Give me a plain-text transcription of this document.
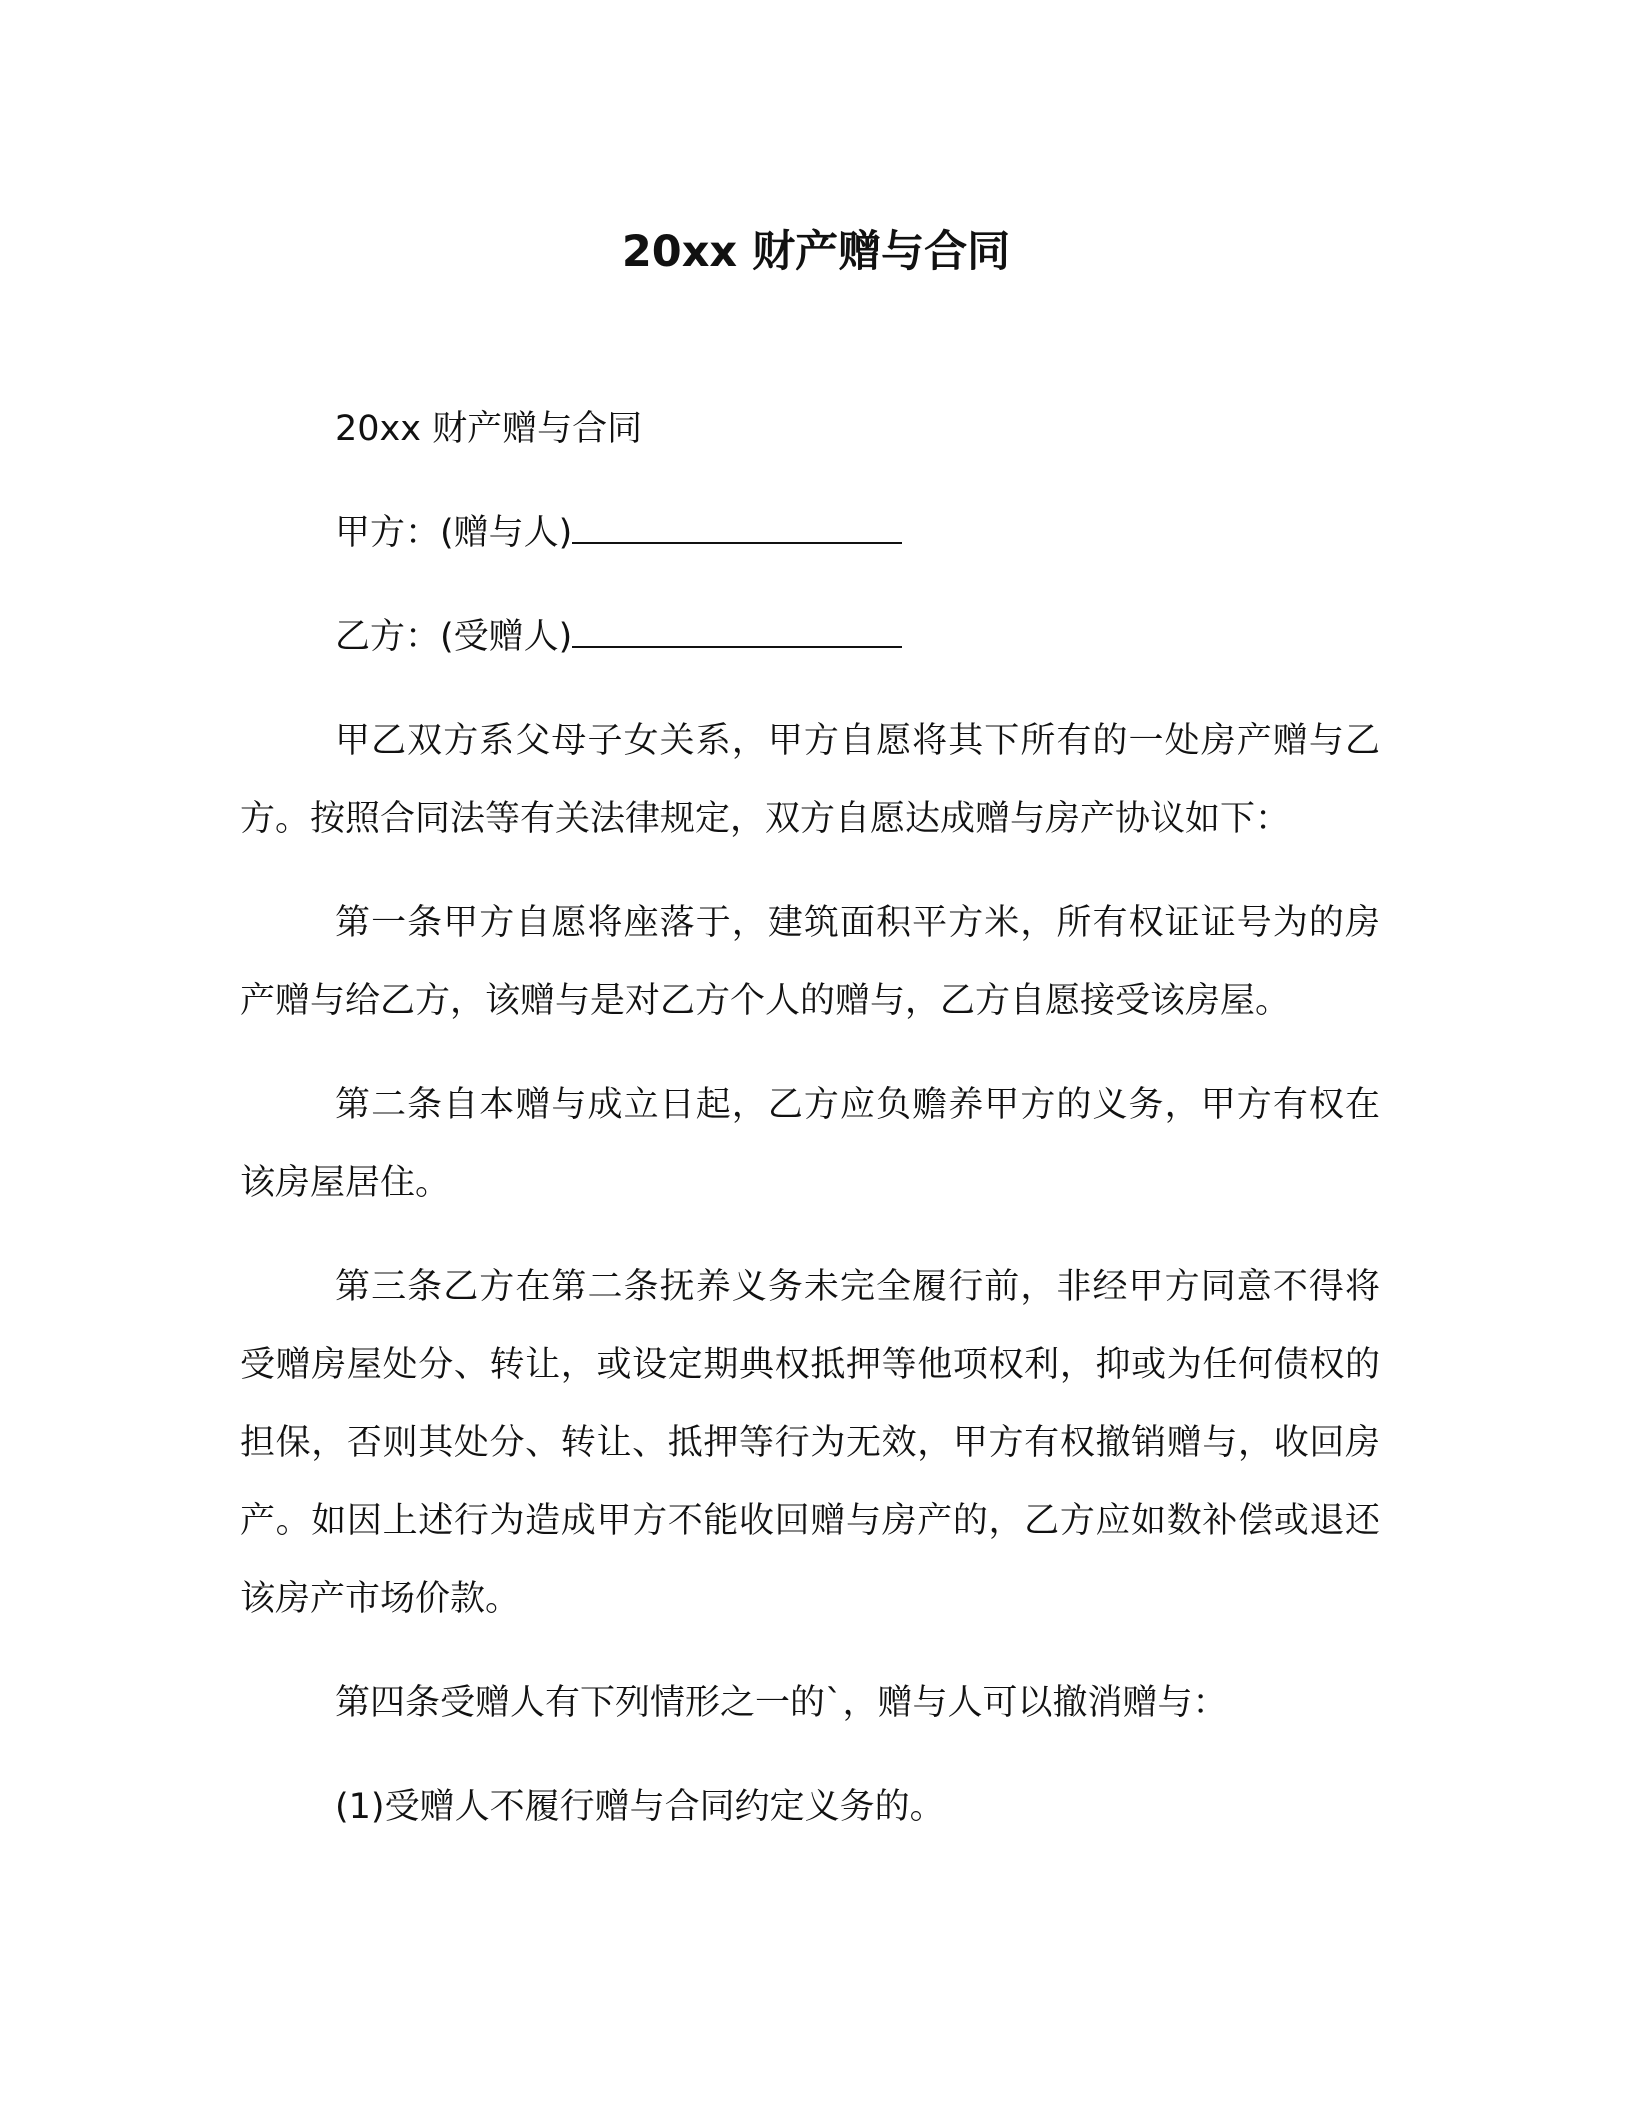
20xx 财产赠与合同

20xx 财产赠与合同

甲方：(赠与人)

乙方：(受赠人)

甲乙双方系父母子女关系，甲方自愿将其下所有的一处房产赠与乙方。按照合同法等有关法律规定，双方自愿达成赠与房产协议如下：

第一条甲方自愿将座落于，建筑面积平方米，所有权证证号为的房产赠与给乙方，该赠与是对乙方个人的赠与，乙方自愿接受该房屋。

第二条自本赠与成立日起，乙方应负赡养甲方的义务，甲方有权在该房屋居住。

第三条乙方在第二条抚养义务未完全履行前，非经甲方同意不得将受赠房屋处分、转让，或设定期典权抵押等他项权利，抑或为任何债权的担保，否则其处分、转让、抵押等行为无效，甲方有权撤销赠与，收回房产。如因上述行为造成甲方不能收回赠与房产的，乙方应如数补偿或退还该房产市场价款。

第四条受赠人有下列情形之一的`，赠与人可以撤消赠与：

(1)受赠人不履行赠与合同约定义务的。
